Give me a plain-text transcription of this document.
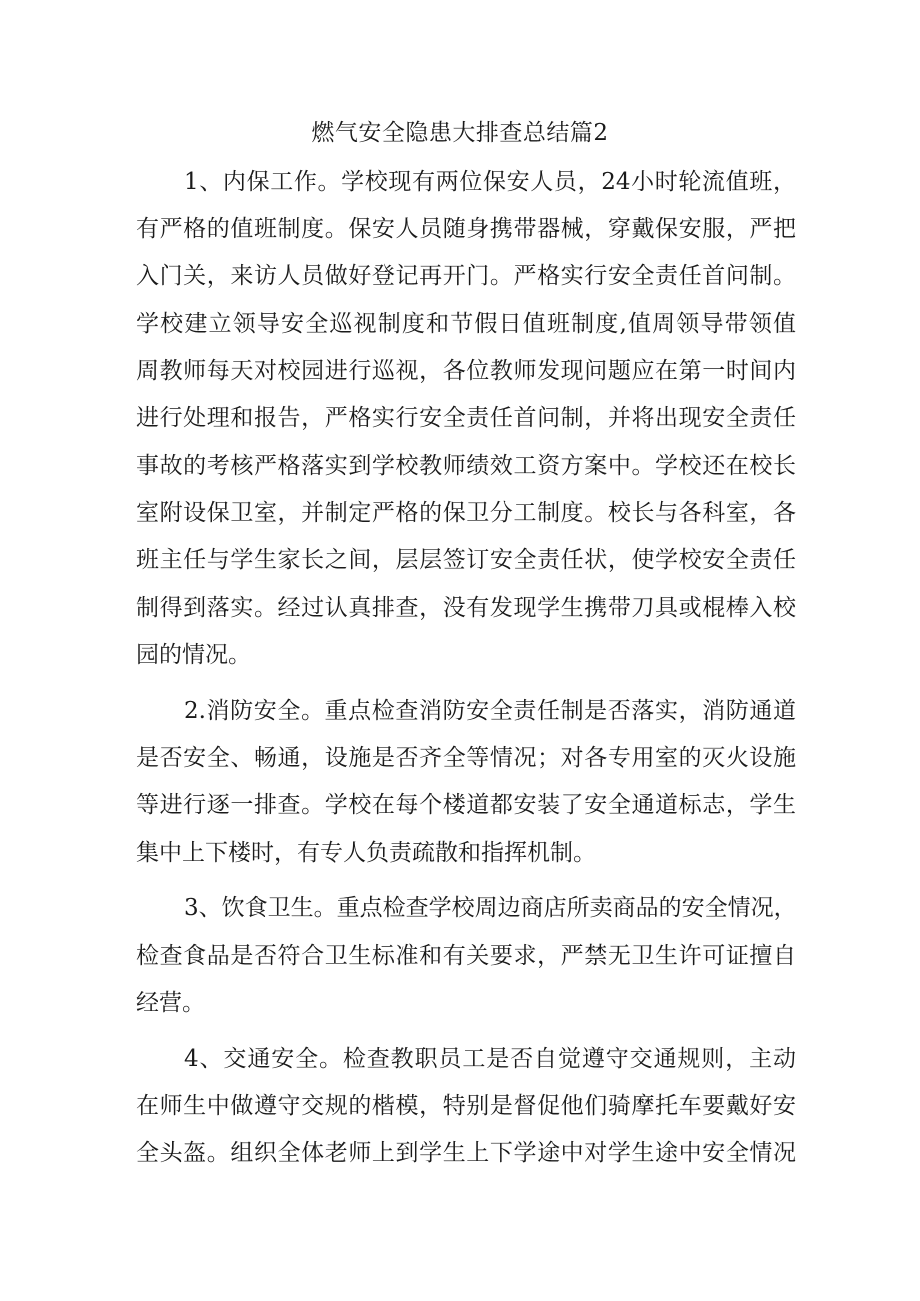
燃气安全隐患大排查总结篇2
1、内保工作。学校现有两位保安人员，24小时轮流值班，
有严格的值班制度。保安人员随身携带器械，穿戴保安服，严把
入门关，来访人员做好登记再开门。严格实行安全责任首问制。
学校建立领导安全巡视制度和节假日值班制度,值周领导带领值
周教师每天对校园进行巡视，各位教师发现问题应在第一时间内
进行处理和报告，严格实行安全责任首问制，并将出现安全责任
事故的考核严格落实到学校教师绩效工资方案中。学校还在校长
室附设保卫室，并制定严格的保卫分工制度。校长与各科室，各
班主任与学生家长之间，层层签订安全责任状，使学校安全责任
制得到落实。经过认真排查，没有发现学生携带刀具或棍棒入校
园的情况。
2.消防安全。重点检查消防安全责任制是否落实，消防通道
是否安全、畅通，设施是否齐全等情况；对各专用室的灭火设施
等进行逐一排查。学校在每个楼道都安装了安全通道标志，学生
集中上下楼时，有专人负责疏散和指挥机制。
3、饮食卫生。重点检查学校周边商店所卖商品的安全情况，
检查食品是否符合卫生标准和有关要求，严禁无卫生许可证擅自
经营。
4、交通安全。检查教职员工是否自觉遵守交通规则，主动
在师生中做遵守交规的楷模，特别是督促他们骑摩托车要戴好安
全头盔。组织全体老师上到学生上下学途中对学生途中安全情况
